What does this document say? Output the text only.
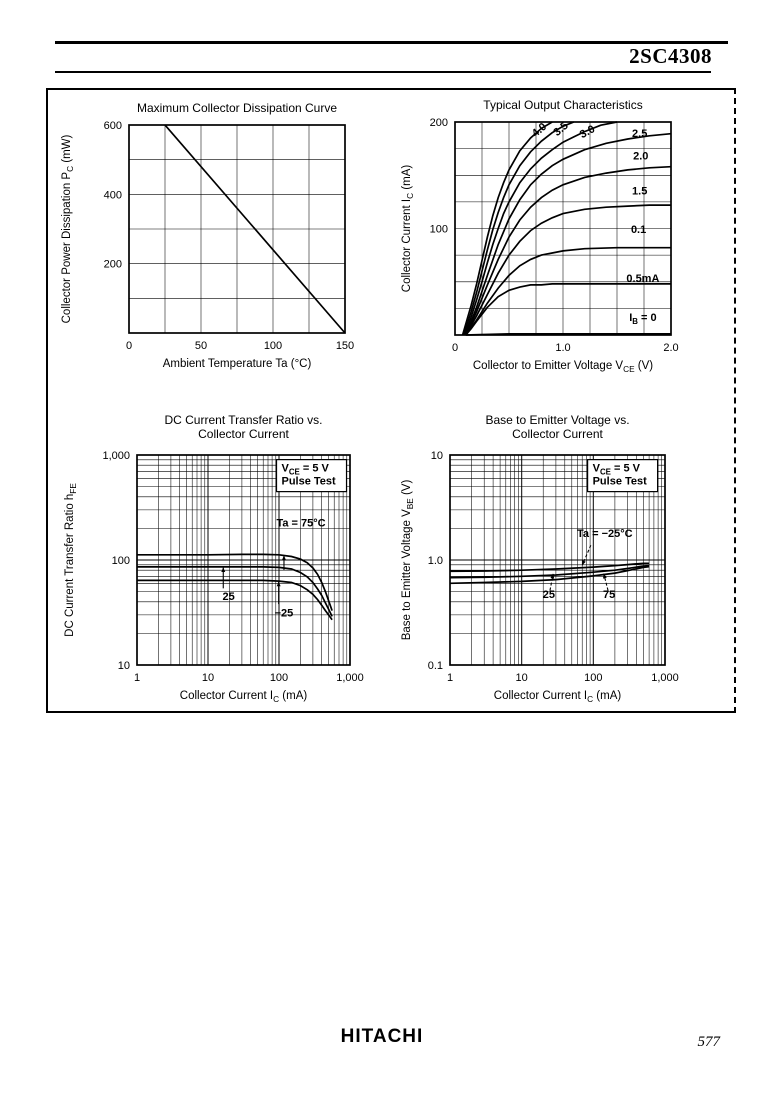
2SC4308
Maximum Collector Dissipation Curve
0	50	100	150
600
400
200
Ambient Temperature Ta (°C)
Collector Power Dissipation $P_C$ (mW)
Typical Output Characteristics
0	1.0	2.0
200
100
Collector to Emitter Voltage $V_{CE}$ (V)
Collector Current $I_C$ (mA)
4.0 3.5 3.0	2.5
2.0
1.5
0.1
0.5mA
$I_B = 0$
DC Current Transfer Ratio vs.
Collector Current
1	10	100	1,000
1,000
100
10
Collector Current $I_C$ (mA)
DC Current Transfer Ratio $h_{FE}$
$V_{CE} = 5$ V
Pulse Test
Ta = 75°C
25
−25
Base to Emitter Voltage vs.
Collector Current
1	10	100	1,000
10
1.0
0.1
Collector Current $I_C$ (mA)
Base to Emitter Voltage $V_{BE}$ (V)
$V_{CE} = 5$ V
Pulse Test
Ta = −25°C
25	75
HITACHI	577
